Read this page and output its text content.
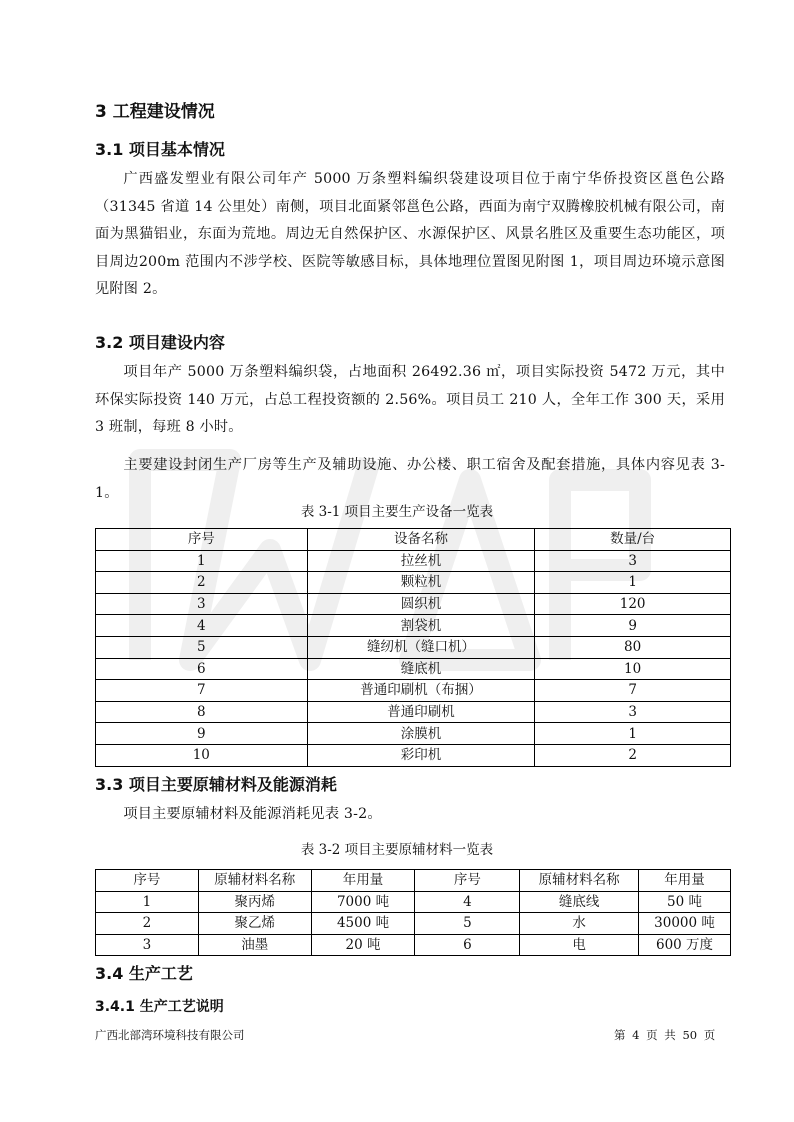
3 工程建设情况
3.1 项目基本情况

广西盛发塑业有限公司年产 5000 万条塑料编织袋建设项目位于南宁华侨投资区邕色公路（31345 省道 14 公里处）南侧，项目北面紧邻邕色公路，西面为南宁双腾橡胶机械有限公司，南面为黑猫铝业，东面为荒地。周边无自然保护区、水源保护区、风景名胜区及重要生态功能区，项目周边200m 范围内不涉学校、医院等敏感目标，具体地理位置图见附图 1，项目周边环境示意图见附图 2。

3.2 项目建设内容

项目年产 5000 万条塑料编织袋，占地面积 26492.36 ㎡，项目实际投资 5472 万元，其中环保实际投资 140 万元，占总工程投资额的 2.56%。项目员工 210 人，全年工作 300 天，采用 3 班制，每班 8 小时。

主要建设封闭生产厂房等生产及辅助设施、办公楼、职工宿舍及配套措施，具体内容见表 3-1。

表 3-1 项目主要生产设备一览表

序号	设备名称	数量/台
1	拉丝机	3
2	颗粒机	1
3	圆织机	120
4	割袋机	9
5	缝纫机（缝口机）	80
6	缝底机	10
7	普通印刷机（布捆）	7
8	普通印刷机	3
9	涂膜机	1
10	彩印机	2
3.3 项目主要原辅材料及能源消耗

项目主要原辅材料及能源消耗见表 3-2。

表 3-2 项目主要原辅材料一览表

序号	原辅材料名称	年用量	序号	原辅材料名称	年用量
1	聚丙烯	7000 吨	4	缝底线	50 吨
2	聚乙烯	4500 吨	5	水	30000 吨
3	油墨	20 吨	6	电	600 万度
3.4 生产工艺
3.4.1 生产工艺说明

广西北部湾环境科技有限公司	第 4 页 共 50 页
